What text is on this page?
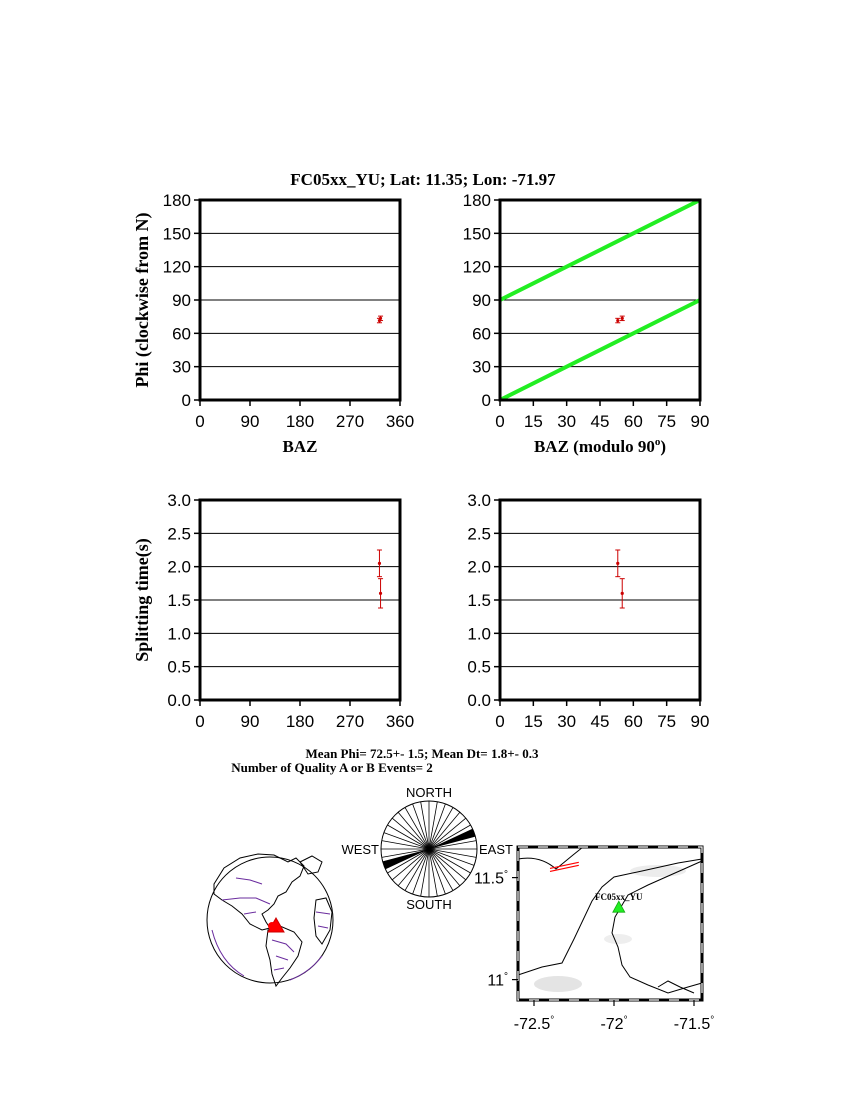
FC05xx_YU; Lat: 11.35; Lon: -71.97
0
30
60
90
120
150
180
0 90 180 270 360
BAZ
Phi (clockwise from N)
0
30
60
90
120
150
180
0 15 30 45 60 75 90
BAZ (modulo 90$^o$)
0.0
0.5
1.0
1.5
2.0
2.5
3.0
0 90 180 270 360
Splitting time(s)
0.0
0.5
1.0
1.5
2.0
2.5
3.0
0 15 30 45 60 75 90
Mean Phi= 72.5+- 1.5; Mean Dt= 1.8+- 0.3
Number of Quality A or B Events= 2
NORTH
SOUTH
EAST
WEST
FC05xx_YU
-72.5°	-72°	-71.5°
11.5°
11°
